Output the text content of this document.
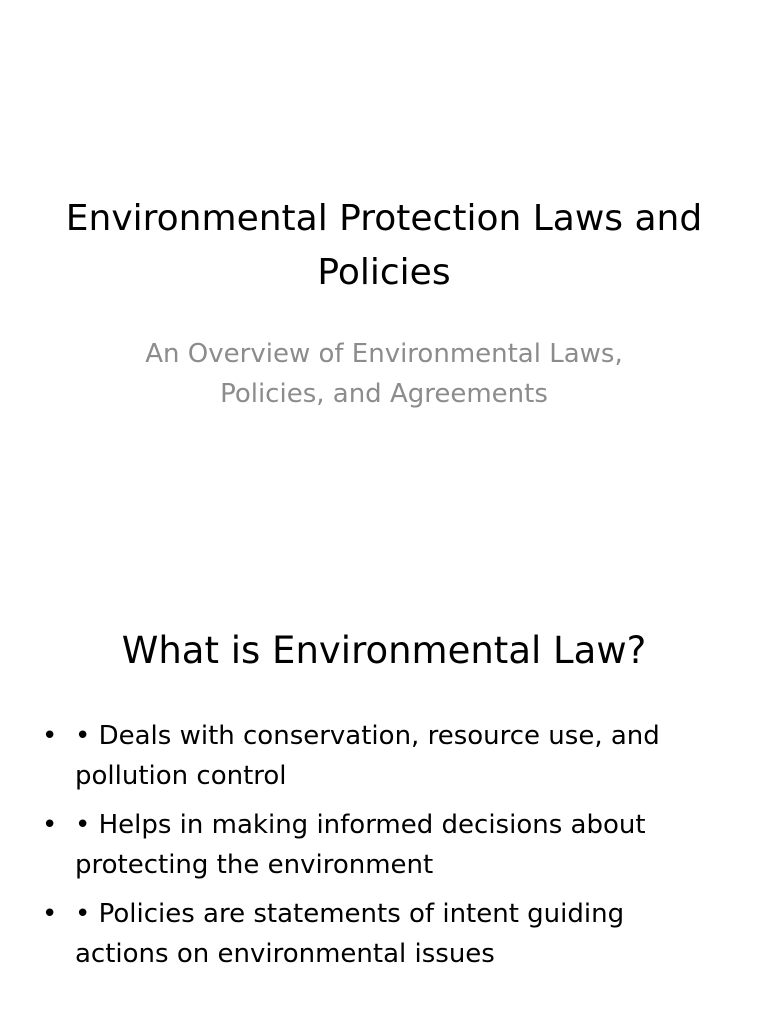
Environmental Protection Laws and Policies
An Overview of Environmental Laws, Policies, and Agreements
What is Environmental Law?
• • Deals with conservation, resource use, and pollution control
• • Helps in making informed decisions about protecting the environment
• • Policies are statements of intent guiding actions on environmental issues
